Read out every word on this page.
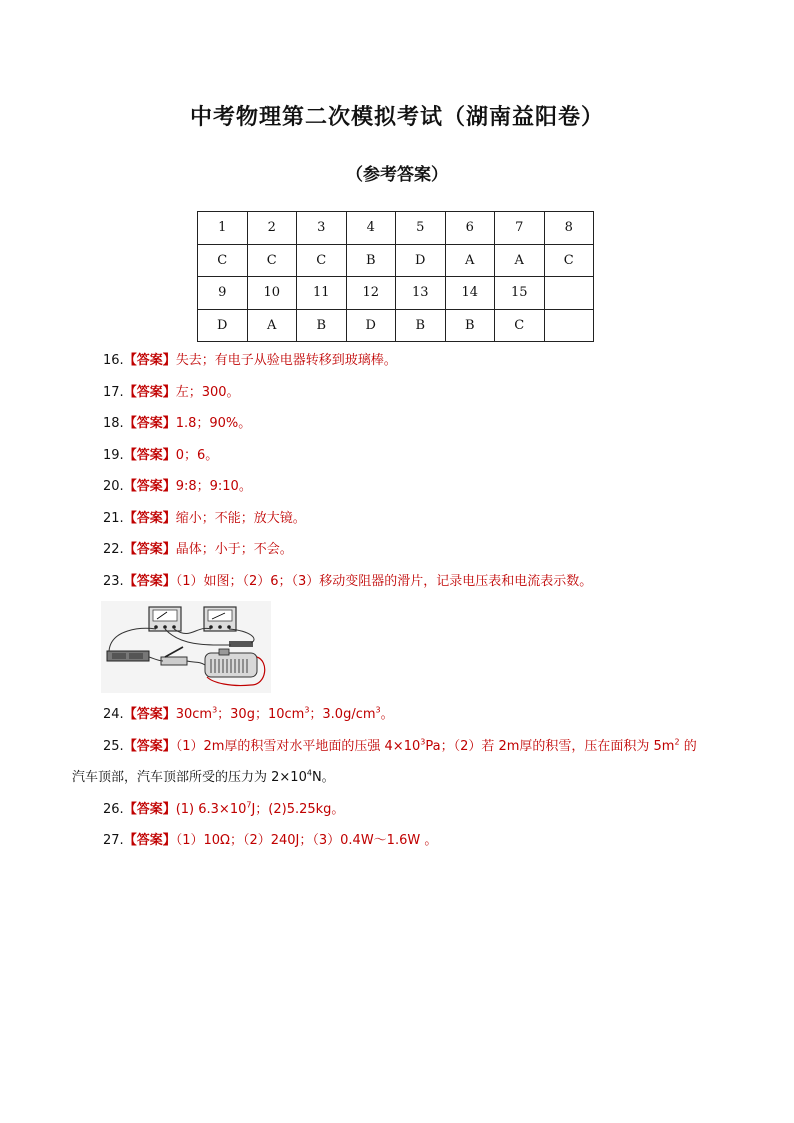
中考物理第二次模拟考试（湖南益阳卷）
（参考答案）
1	2	3	4	5	6	7	8
C	C	C	B	D	A	A	C
9	10	11	12	13	14	15	
D	A	B	D	B	B	C	
16.【答案】失去；有电子从验电器转移到玻璃棒。
17.【答案】左；300。
18.【答案】1.8；90%。
19.【答案】0；6。
20.【答案】9:8；9:10。
21.【答案】缩小；不能；放大镜。
22.【答案】晶体；小于；不会。
23.【答案】（1）如图；（2）6；（3）移动变阻器的滑片，记录电压表和电流表示数。
24.【答案】$30cm^3$；30g；$10cm^3$；$3.0g/cm^3$。
25.【答案】（1）2m厚的积雪对水平地面的压强 $4\times 10^3Pa$；（2）若 2m厚的积雪，压在面积为 $5m^2$ 的
汽车顶部，汽车顶部所受的压力为 $2\times 10^4N$。
26.【答案】(1) $6.3\times 10^7J$；(2)5.25kg。
27.【答案】（1）10Ω；（2）240J；（3）0.4W～1.6W 。
